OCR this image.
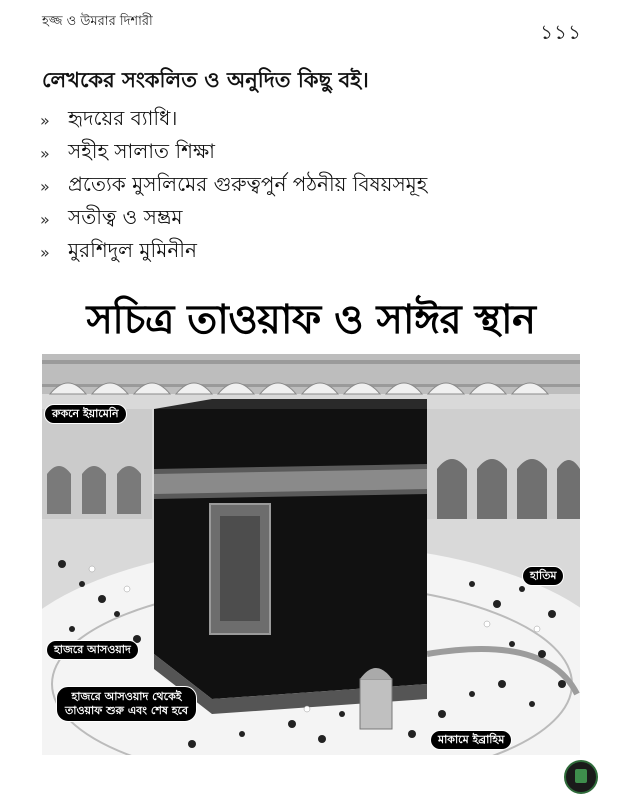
হজ্জ ও উমরার দিশারী	১১১
লেখকের সংকলিত ও অনুদিত কিছু বই।
» হৃদয়ের ব্যাধি।
» সহীহ সালাত শিক্ষা
» প্রত্যেক মুসলিমের গুরুত্বপুর্ন পঠনীয় বিষয়সমূহ
» সতীত্ব ও সম্ভ্রম
» মুরশিদুল মুমিনীন
সচিত্র তাওয়াফ ও সাঈর স্থান
রুকনে ইয়ামেনি
হাতিম
হাজরে আসওয়াদ
হাজরে আসওয়াদ থেকেই
তাওয়াফ শুরু এবং শেষ হবে
মাকামে ইব্রাহিম
